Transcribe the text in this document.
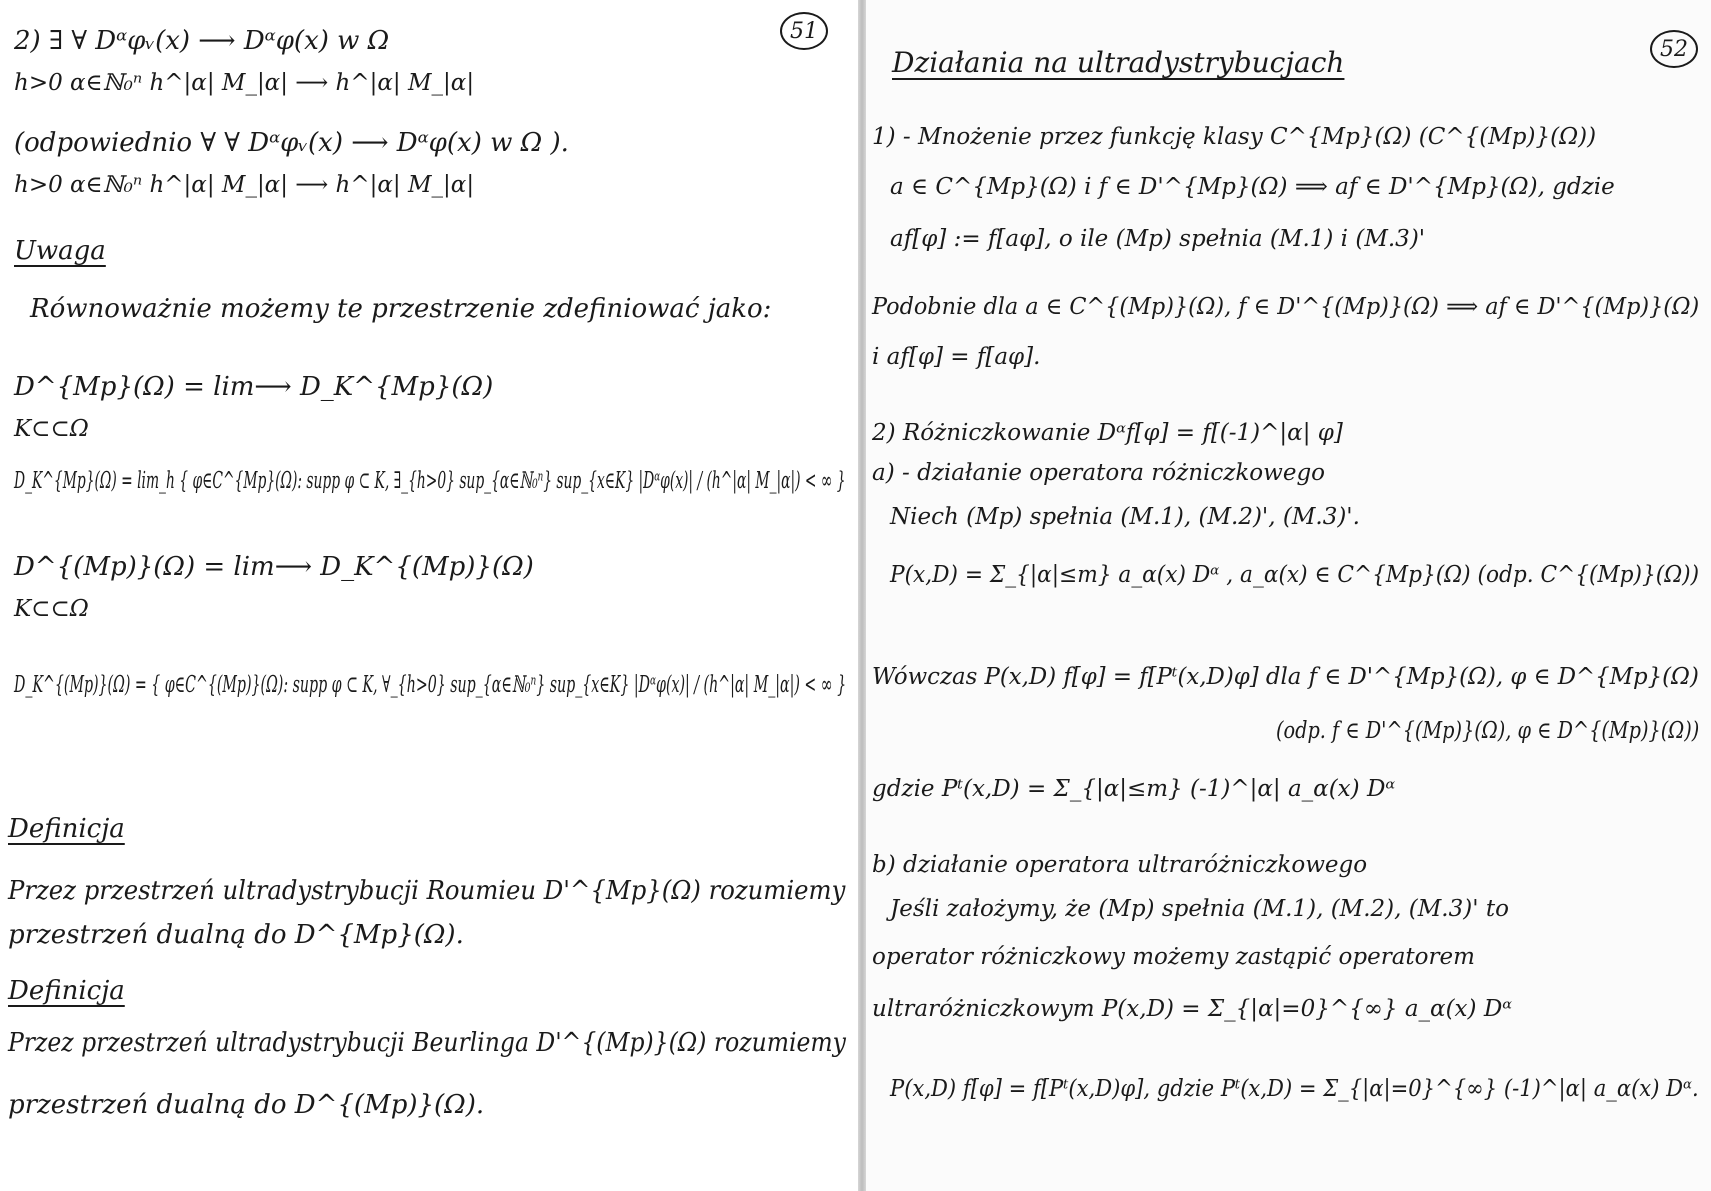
51
2) ∃ ∀ Dᵅφᵥ(x) ⟶ Dᵅφ(x) w Ω
h>0 α∈ℕ₀ⁿ h^|α| M_|α| ⟶ h^|α| M_|α|
(odpowiednio ∀ ∀ Dᵅφᵥ(x) ⟶ Dᵅφ(x) w Ω ).
h>0 α∈ℕ₀ⁿ h^|α| M_|α| ⟶ h^|α| M_|α|
Uwaga
Równoważnie możemy te przestrzenie zdefiniować jako:
D^{Mp}(Ω) = lim⟶ D_K^{Mp}(Ω)
K⊂⊂Ω
D_K^{Mp}(Ω) = lim_h { φ∈C^{Mp}(Ω): supp φ ⊂ K, ∃_{h>0} sup_{α∈ℕ₀ⁿ} sup_{x∈K} |Dᵅφ(x)| / (h^|α| M_|α|) < ∞ }
D^{(Mp)}(Ω) = lim⟶ D_K^{(Mp)}(Ω)
K⊂⊂Ω
D_K^{(Mp)}(Ω) = { φ∈C^{(Mp)}(Ω): supp φ ⊂ K, ∀_{h>0} sup_{α∈ℕ₀ⁿ} sup_{x∈K} |Dᵅφ(x)| / (h^|α| M_|α|) < ∞ }
Definicja
Przez przestrzeń ultradystrybucji Roumieu D'^{Mp}(Ω) rozumiemy
przestrzeń dualną do D^{Mp}(Ω).
Definicja
Przez przestrzeń ultradystrybucji Beurlinga D'^{(Mp)}(Ω) rozumiemy
przestrzeń dualną do D^{(Mp)}(Ω).
52
Działania na ultradystrybucjach
1) - Mnożenie przez funkcję klasy C^{Mp}(Ω) (C^{(Mp)}(Ω))
a ∈ C^{Mp}(Ω) i f ∈ D'^{Mp}(Ω) ⟹ af ∈ D'^{Mp}(Ω), gdzie
af[φ] := f[aφ], o ile (Mp) spełnia (M.1) i (M.3)'
Podobnie dla a ∈ C^{(Mp)}(Ω), f ∈ D'^{(Mp)}(Ω) ⟹ af ∈ D'^{(Mp)}(Ω)
i af[φ] = f[aφ].
2) Różniczkowanie Dᵅf[φ] = f[(-1)^|α| φ]
a) - działanie operatora różniczkowego
Niech (Mp) spełnia (M.1), (M.2)', (M.3)'.
P(x,D) = Σ_{|α|≤m} a_α(x) Dᵅ , a_α(x) ∈ C^{Mp}(Ω) (odp. C^{(Mp)}(Ω))
Wówczas P(x,D) f[φ] = f[Pᵗ(x,D)φ] dla f ∈ D'^{Mp}(Ω), φ ∈ D^{Mp}(Ω)
(odp. f ∈ D'^{(Mp)}(Ω), φ ∈ D^{(Mp)}(Ω))
gdzie Pᵗ(x,D) = Σ_{|α|≤m} (-1)^|α| a_α(x) Dᵅ
b) działanie operatora ultraróżniczkowego
Jeśli założymy, że (Mp) spełnia (M.1), (M.2), (M.3)' to
operator różniczkowy możemy zastąpić operatorem
ultraróżniczkowym P(x,D) = Σ_{|α|=0}^{∞} a_α(x) Dᵅ
P(x,D) f[φ] = f[Pᵗ(x,D)φ], gdzie Pᵗ(x,D) = Σ_{|α|=0}^{∞} (-1)^|α| a_α(x) Dᵅ.
